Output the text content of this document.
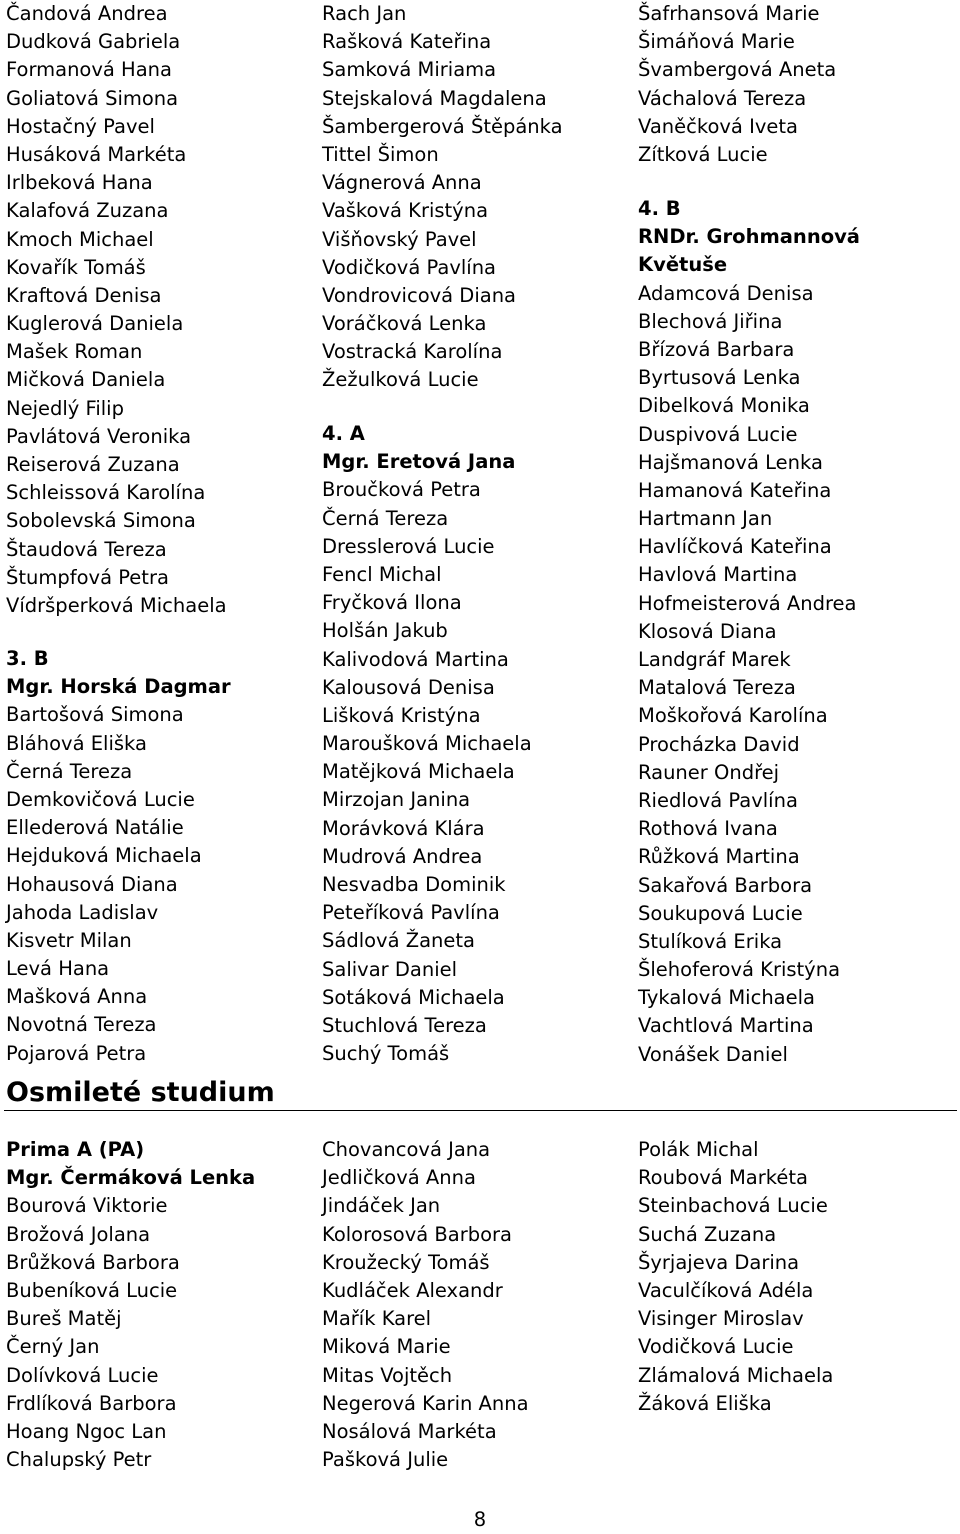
Čandová Andrea
Dudková Gabriela
Formanová Hana
Goliatová Simona
Hostačný Pavel
Husáková Markéta
Irlbeková Hana
Kalafová Zuzana
Kmoch Michael
Kovařík Tomáš
Kraftová Denisa
Kuglerová Daniela
Mašek Roman
Mičková Daniela
Nejedlý Filip
Pavlátová Veronika
Reiserová Zuzana
Schleissová Karolína
Sobolevská Simona
Štaudová Tereza
Štumpfová Petra
Vídršperková Michaela
3. B
Mgr. Horská Dagmar
Bartošová Simona
Bláhová Eliška
Černá Tereza
Demkovičová Lucie
Ellederová Natálie
Hejduková Michaela
Hohausová Diana
Jahoda Ladislav
Kisvetr Milan
Levá Hana
Mašková Anna
Novotná Tereza
Pojarová Petra
Rach Jan
Rašková Kateřina
Samková Miriama
Stejskalová Magdalena
Šambergerová Štěpánka
Tittel Šimon
Vágnerová Anna
Vašková Kristýna
Višňovský Pavel
Vodičková Pavlína
Vondrovicová Diana
Voráčková Lenka
Vostracká Karolína
Žežulková Lucie
4. A
Mgr. Eretová Jana
Broučková Petra
Černá Tereza
Dresslerová Lucie
Fencl Michal
Fryčková Ilona
Holšán Jakub
Kalivodová Martina
Kalousová Denisa
Lišková Kristýna
Maroušková Michaela
Matějková Michaela
Mirzojan Janina
Morávková Klára
Mudrová Andrea
Nesvadba Dominik
Peteříková Pavlína
Sádlová Žaneta
Salivar Daniel
Sotáková Michaela
Stuchlová Tereza
Suchý Tomáš
Šafrhansová Marie
Šimáňová Marie
Švambergová Aneta
Váchalová Tereza
Vaněčková Iveta
Zítková Lucie
4. B
RNDr. Grohmannová
Květuše
Adamcová Denisa
Blechová Jiřina
Břízová Barbara
Byrtusová Lenka
Dibelková Monika
Duspivová Lucie
Hajšmanová Lenka
Hamanová Kateřina
Hartmann Jan
Havlíčková Kateřina
Havlová Martina
Hofmeisterová Andrea
Klosová Diana
Landgráf Marek
Matalová Tereza
Moškořová Karolína
Procházka David
Rauner Ondřej
Riedlová Pavlína
Rothová Ivana
Růžková Martina
Sakařová Barbora
Soukupová Lucie
Stulíková Erika
Šlehoferová Kristýna
Tykalová Michaela
Vachtlová Martina
Vonášek Daniel
Osmileté studium
Prima A (PA)
Mgr. Čermáková Lenka
Bourová Viktorie
Brožová Jolana
Brůžková Barbora
Bubeníková Lucie
Bureš Matěj
Černý Jan
Dolívková Lucie
Frdlíková Barbora
Hoang Ngoc Lan
Chalupský Petr
Chovancová Jana
Jedličková Anna
Jindáček Jan
Kolorosová Barbora
Kroužecký Tomáš
Kudláček Alexandr
Mařík Karel
Miková Marie
Mitas Vojtěch
Negerová Karin Anna
Nosálová Markéta
Pašková Julie
Polák Michal
Roubová Markéta
Steinbachová Lucie
Suchá Zuzana
Šyrjajeva Darina
Vaculčíková Adéla
Visinger Miroslav
Vodičková Lucie
Zlámalová Michaela
Žáková Eliška
8
